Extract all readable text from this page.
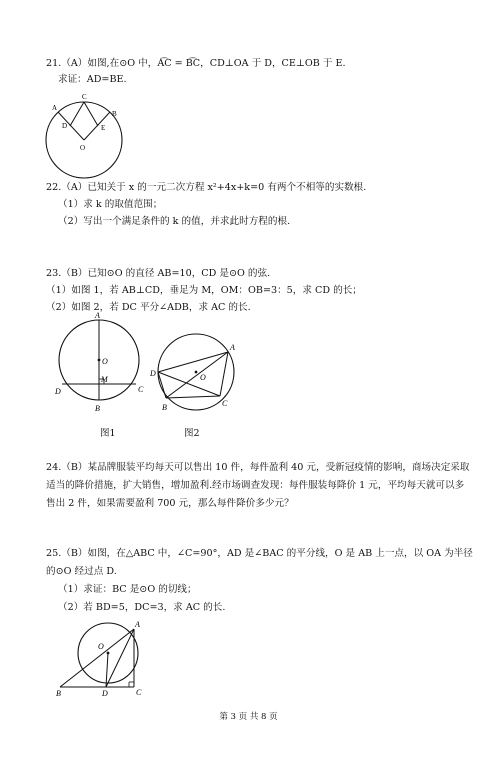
21.（A）如图,在⊙O 中，A͡C = B͡C，CD⊥OA 于 D，CE⊥OB 于 E.
求证：AD=BE.
A
B
C
D	E
O
22.（A）已知关于 x 的一元二次方程 x²+4x+k=0 有两个不相等的实数根.
（1）求 k 的取值范围；
（2）写出一个满足条件的 k 的值，并求此时方程的根.
23.（B）已知⊙O 的直径 AB=10，CD 是⊙O 的弦.
（1）如图 1，若 AB⊥CD，垂足为 M，OM：OB=3：5，求 CD 的长；
（2）如图 2，若 DC 平分∠ADB，求 AC 的长.
A
O
M
D	C
B
图1
A
D	O
B	C
图2
24.（B）某品牌服装平均每天可以售出 10 件，每件盈利 40 元，受新冠疫情的影响，商场决定采取
适当的降价措施，扩大销售，增加盈利.经市场调查发现：每件服装每降价 1 元，平均每天就可以多
售出 2 件，如果需要盈利 700 元，那么每件降价多少元？
25.（B）如图，在△ABC 中，∠C=90°，AD 是∠BAC 的平分线，O 是 AB 上一点，以 OA 为半径
的⊙O 经过点 D.
（1）求证：BC 是⊙O 的切线；
（2）若 BD=5，DC=3，求 AC 的长.
A
O
B	D	C
第 3 页 共 8 页
